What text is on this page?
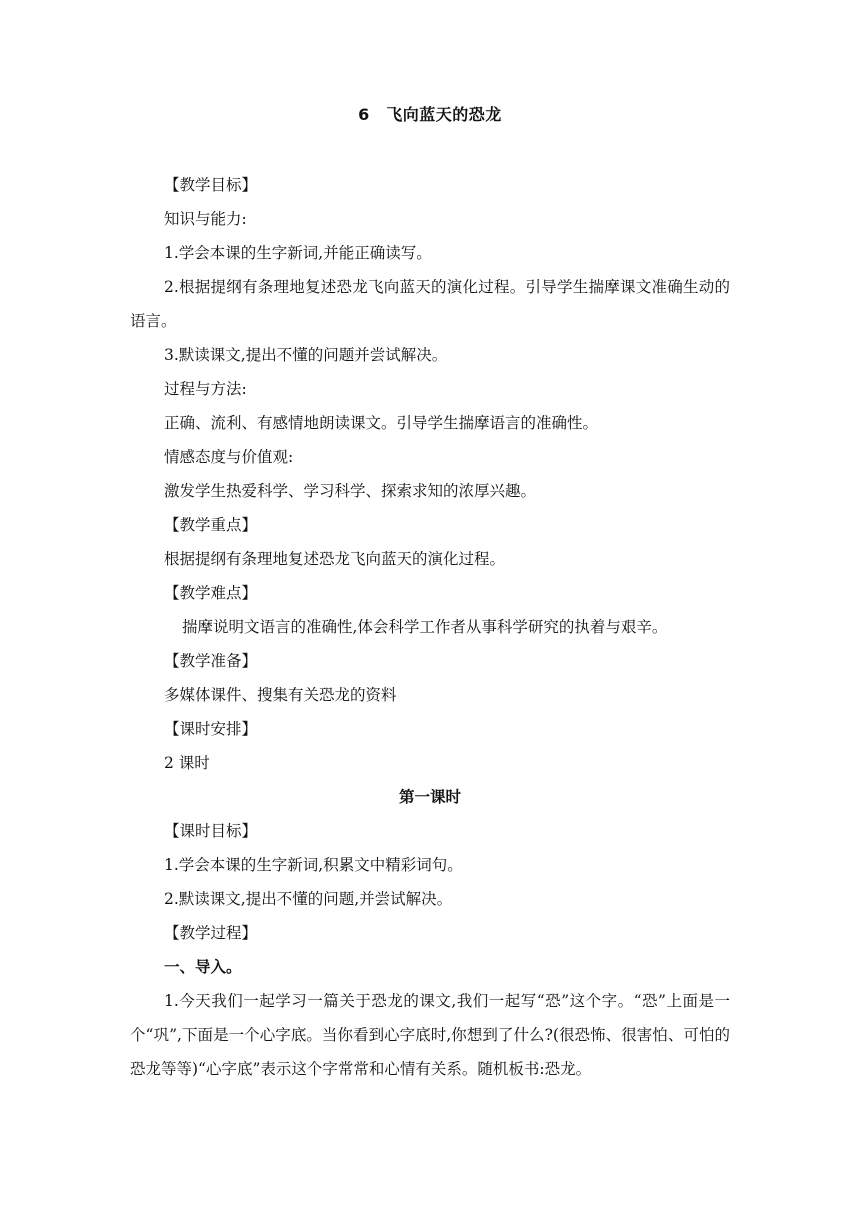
6　飞向蓝天的恐龙
【教学目标】
知识与能力:
1.学会本课的生字新词,并能正确读写。
2.根据提纲有条理地复述恐龙飞向蓝天的演化过程。引导学生揣摩课文准确生动的语言。
3.默读课文,提出不懂的问题并尝试解决。
过程与方法:
正确、流利、有感情地朗读课文。引导学生揣摩语言的准确性。
情感态度与价值观:
激发学生热爱科学、学习科学、探索求知的浓厚兴趣。
【教学重点】
根据提纲有条理地复述恐龙飞向蓝天的演化过程。
【教学难点】
揣摩说明文语言的准确性,体会科学工作者从事科学研究的执着与艰辛。
【教学准备】
多媒体课件、搜集有关恐龙的资料
【课时安排】
2 课时
第一课时
【课时目标】
1.学会本课的生字新词,积累文中精彩词句。
2.默读课文,提出不懂的问题,并尝试解决。
【教学过程】
一、导入。
1.今天我们一起学习一篇关于恐龙的课文,我们一起写“恐”这个字。“恐”上面是一个“巩”,下面是一个心字底。当你看到心字底时,你想到了什么?(很恐怖、很害怕、可怕的恐龙等等)“心字底”表示这个字常常和心情有关系。随机板书:恐龙。
